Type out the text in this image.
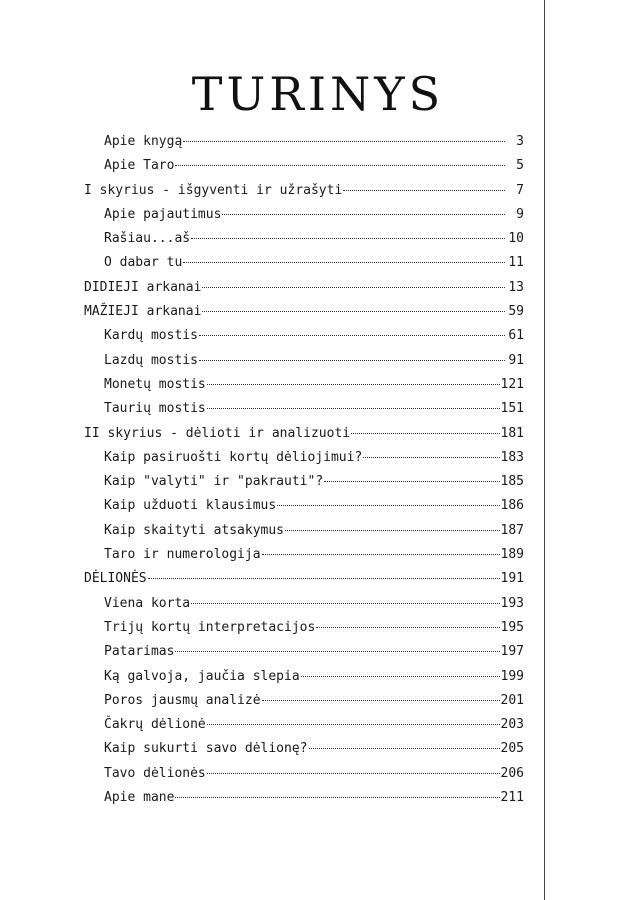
TURINYS
Apie knygą	3
Apie Taro	5
I skyrius - išgyventi ir užrašyti	7
Apie pajautimus	9
Rašiau...aš	10
O dabar tu	11
DIDIEJI arkanai	13
MAŽIEJI arkanai	59
Kardų mostis	61
Lazdų mostis	91
Monetų mostis	121
Taurių mostis	151
II skyrius - dėlioti ir analizuoti	181
Kaip pasiruošti kortų dėliojimui?	183
Kaip "valyti" ir "pakrauti"?	185
Kaip užduoti klausimus	186
Kaip skaityti atsakymus	187
Taro ir numerologija	189
DĖLIONĖS	191
Viena korta	193
Trijų kortų interpretacijos	195
Patarimas	197
Ką galvoja, jaučia slepia	199
Poros jausmų analizė	201
Čakrų dėlionė	203
Kaip sukurti savo dėlionę?	205
Tavo dėlionės	206
Apie mane	211
